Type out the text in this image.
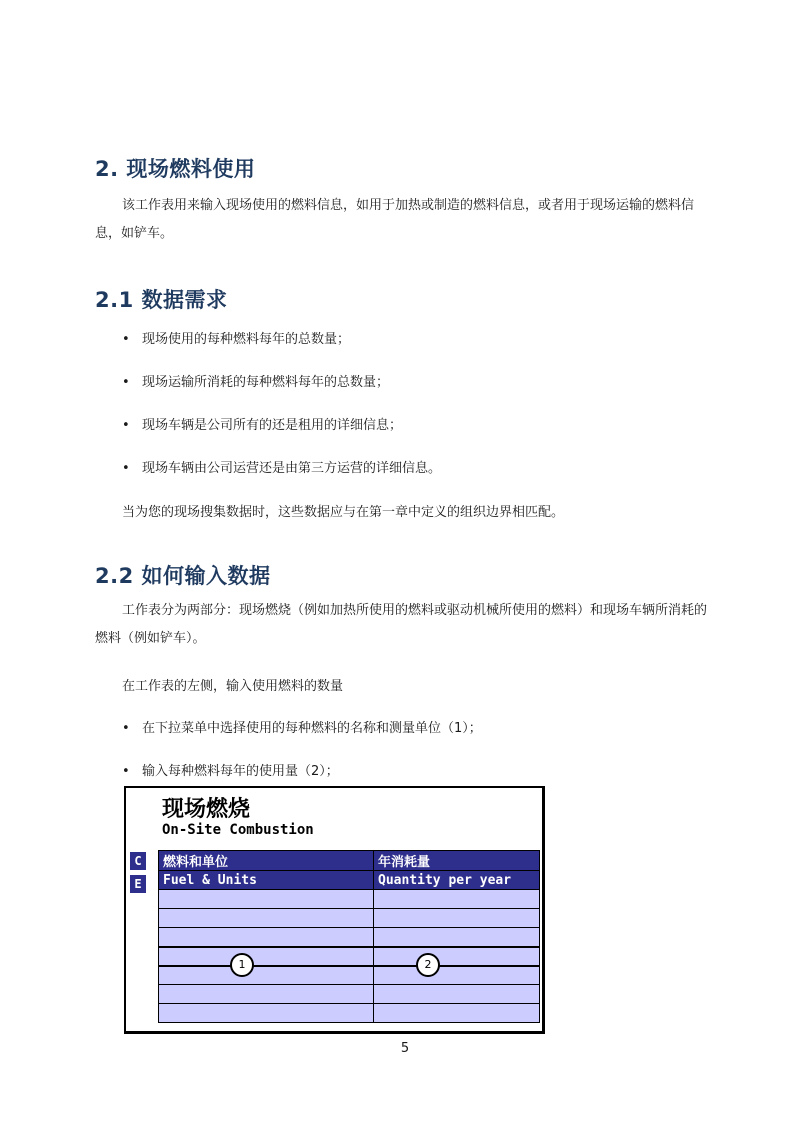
2. 现场燃料使用
该工作表用来输入现场使用的燃料信息，如用于加热或制造的燃料信息，或者用于现场运输的燃料信息，如铲车。
2.1 数据需求
• 现场使用的每种燃料每年的总数量；
• 现场运输所消耗的每种燃料每年的总数量；
• 现场车辆是公司所有的还是租用的详细信息；
• 现场车辆由公司运营还是由第三方运营的详细信息。
当为您的现场搜集数据时，这些数据应与在第一章中定义的组织边界相匹配。
2.2 如何输入数据
工作表分为两部分：现场燃烧（例如加热所使用的燃料或驱动机械所使用的燃料）和现场车辆所消耗的燃料（例如铲车）。
在工作表的左侧，输入使用燃料的数量
• 在下拉菜单中选择使用的每种燃料的名称和测量单位（1）；
• 输入每种燃料每年的使用量（2）；
现场燃烧
On-Site Combustion
C
E
燃料和单位	年消耗量
Fuel & Units	Quantity per year

1	2
5
